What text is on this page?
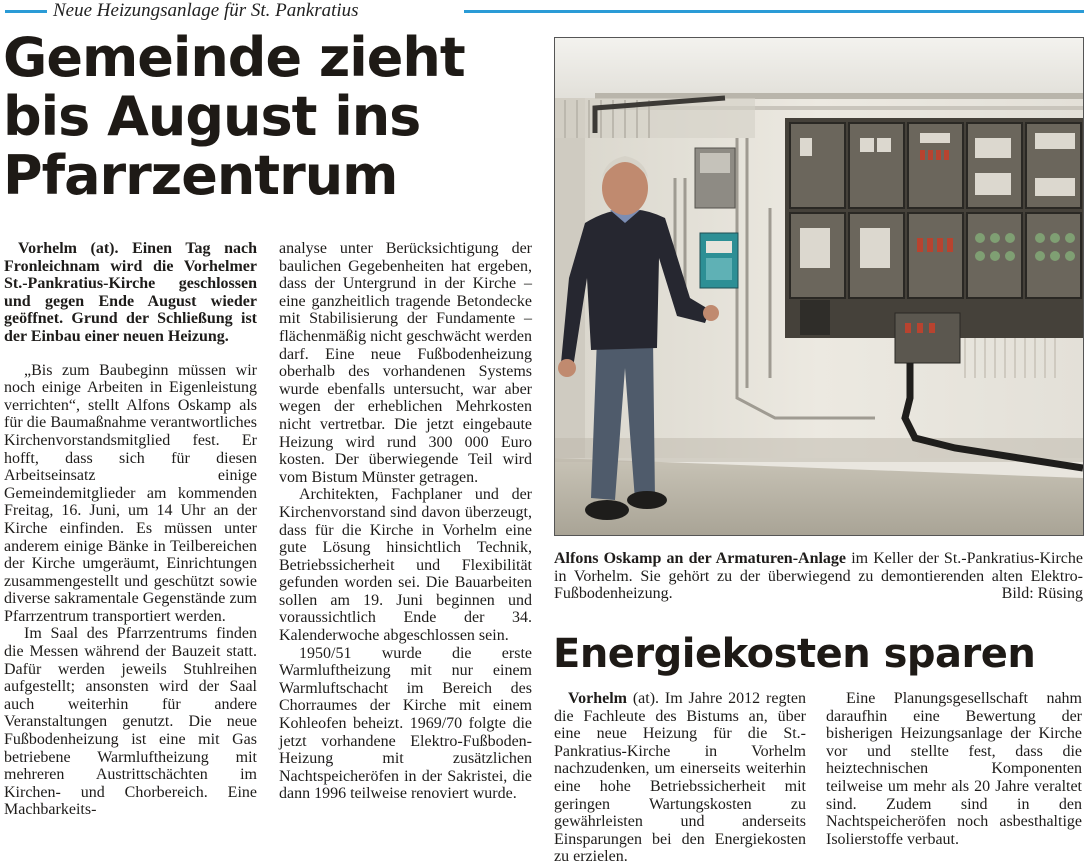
Neue Heizungsanlage für St. Pankratius
Gemeinde zieht bis August ins Pfarrzentrum

Vorhelm (at). Einen Tag nach Fronleichnam wird die Vorhelmer St.-Pankratius-Kirche geschlossen und gegen Ende August wieder geöffnet. Grund der Schließung ist der Einbau einer neuen Heizung.

„Bis zum Baubeginn müssen wir noch einige Arbeiten in Eigenleistung verrichten“, stellt Alfons Oskamp als für die Baumaßnahme verantwortliches Kirchenvorstandsmitglied fest. Er hofft, dass sich für diesen Arbeitseinsatz einige Gemeindemitglieder am kommenden Freitag, 16. Juni, um 14 Uhr an der Kirche einfinden. Es müssen unter anderem einige Bänke in Teilbereichen der Kirche umgeräumt, Einrichtungen zusammengestellt und geschützt sowie diverse sakramentale Gegenstände zum Pfarrzentrum transportiert werden.

Im Saal des Pfarrzentrums finden die Messen während der Bauzeit statt. Dafür werden jeweils Stuhlreihen aufgestellt; ansonsten wird der Saal auch weiterhin für andere Veranstaltungen genutzt. Die neue Fußbodenheizung ist eine mit Gas betriebene Warmluftheizung mit mehreren Austrittschächten im Kirchen- und Chorbereich. Eine Machbarkeits-

analyse unter Berücksichtigung der baulichen Gegebenheiten hat ergeben, dass der Untergrund in der Kirche – eine ganzheitlich tragende Betondecke mit Stabilisierung der Fundamente – flächenmäßig nicht geschwächt werden darf. Eine neue Fußbodenheizung oberhalb des vorhandenen Systems wurde ebenfalls untersucht, war aber wegen der erheblichen Mehrkosten nicht vertretbar. Die jetzt eingebaute Heizung wird rund 300 000 Euro kosten. Der überwiegende Teil wird vom Bistum Münster getragen.

Architekten, Fachplaner und der Kirchenvorstand sind davon überzeugt, dass für die Kirche in Vorhelm eine gute Lösung hinsichtlich Technik, Betriebssicherheit und Flexibilität gefunden worden sei. Die Bauarbeiten sollen am 19. Juni beginnen und voraussichtlich Ende der 34. Kalenderwoche abgeschlossen sein.

1950/51 wurde die erste Warmluftheizung mit nur einem Warmluftschacht im Bereich des Chorraumes der Kirche mit einem Kohleofen beheizt. 1969/70 folgte die jetzt vorhandene Elektro-Fußboden-Heizung mit zusätzlichen Nachtspeicheröfen in der Sakristei, die dann 1996 teilweise renoviert wurde.

Alfons Oskamp an der Armaturen-Anlage im Keller der St.-Pankratius-Kirche in Vorhelm. Sie gehört zu der überwiegend zu demontierenden alten Elektro-Fußbodenheizung.	Bild: Rüsing
Energiekosten sparen

Vorhelm (at). Im Jahre 2012 regten die Fachleute des Bistums an, über eine neue Heizung für die St.-Pankratius-Kirche in Vorhelm nachzudenken, um einerseits weiterhin eine hohe Betriebssicherheit mit geringen Wartungskosten zu gewährleisten und anderseits Einsparungen bei den Energiekosten zu erzielen.

Eine Planungsgesellschaft nahm daraufhin eine Bewertung der bisherigen Heizungsanlage der Kirche vor und stellte fest, dass die heiztechnischen Komponenten teilweise um mehr als 20 Jahre veraltet sind. Zudem sind in den Nachtspeicheröfen noch asbesthaltige Isolierstoffe verbaut.
